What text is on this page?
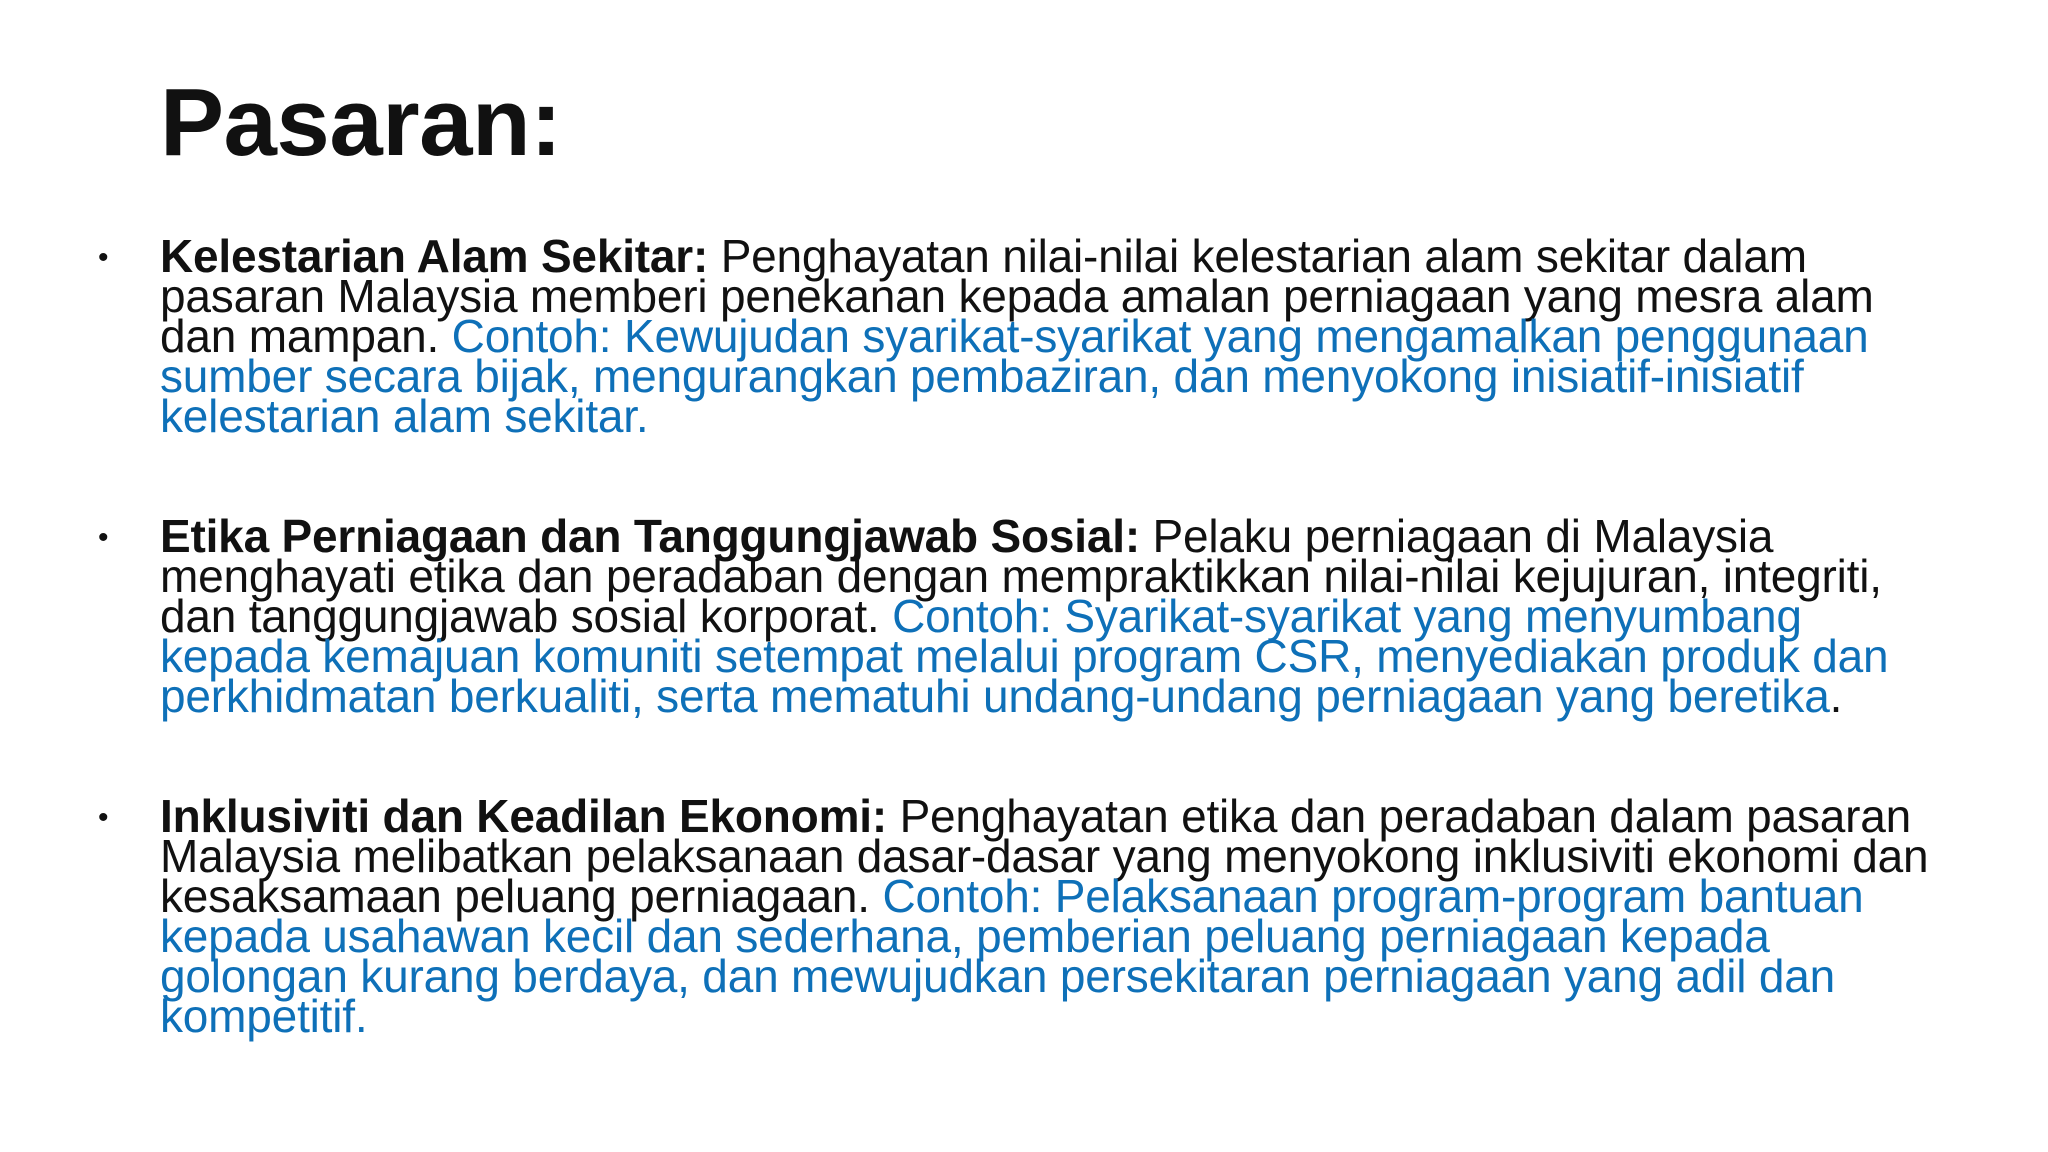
Pasaran:
• Kelestarian Alam Sekitar: Penghayatan nilai-nilai kelestarian alam sekitar dalam pasaran Malaysia memberi penekanan kepada amalan perniagaan yang mesra alam dan mampan. Contoh: Kewujudan syarikat-syarikat yang mengamalkan penggunaan sumber secara bijak, mengurangkan pembaziran, dan menyokong inisiatif-inisiatif kelestarian alam sekitar.
• Etika Perniagaan dan Tanggungjawab Sosial: Pelaku perniagaan di Malaysia menghayati etika dan peradaban dengan mempraktikkan nilai-nilai kejujuran, integriti, dan tanggungjawab sosial korporat. Contoh: Syarikat-syarikat yang menyumbang kepada kemajuan komuniti setempat melalui program CSR, menyediakan produk dan perkhidmatan berkualiti, serta mematuhi undang-undang perniagaan yang beretika.
• Inklusiviti dan Keadilan Ekonomi: Penghayatan etika dan peradaban dalam pasaran Malaysia melibatkan pelaksanaan dasar-dasar yang menyokong inklusiviti ekonomi dan kesaksamaan peluang perniagaan. Contoh: Pelaksanaan program-program bantuan kepada usahawan kecil dan sederhana, pemberian peluang perniagaan kepada golongan kurang berdaya, dan mewujudkan persekitaran perniagaan yang adil dan kompetitif.
